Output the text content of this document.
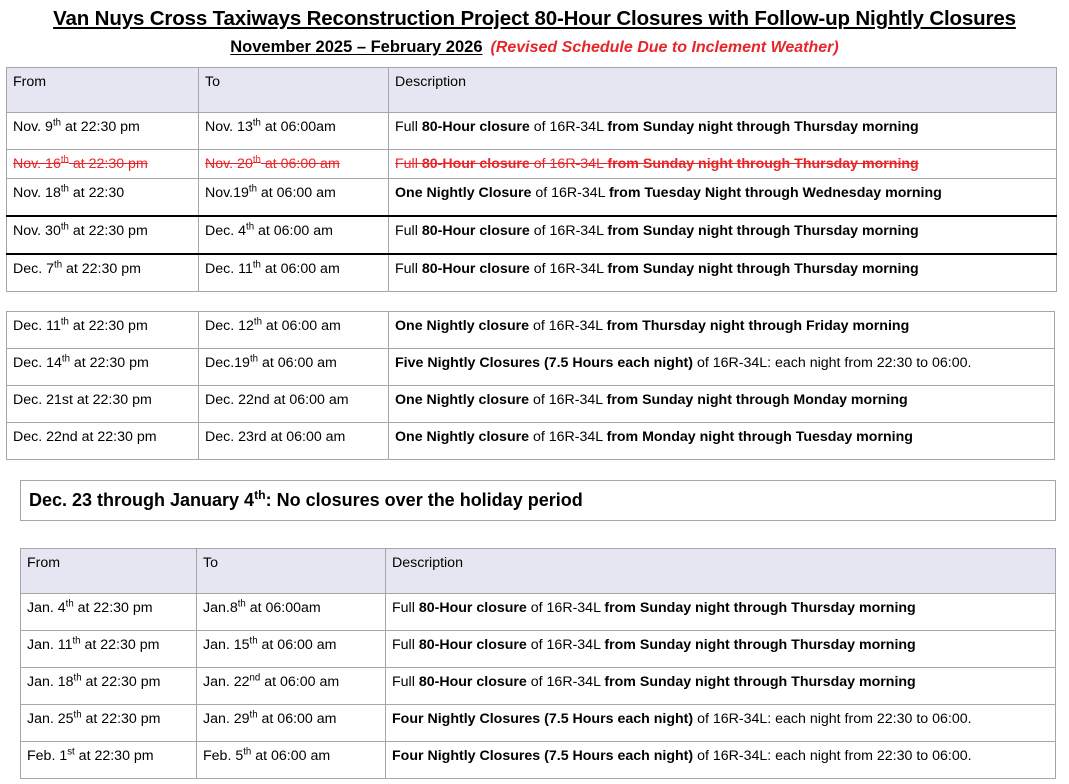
Van Nuys Cross Taxiways Reconstruction Project 80-Hour Closures with Follow-up Nightly Closures
November 2025 – February 2026 (Revised Schedule Due to Inclement Weather)
From	To	Description
Nov. 9th at 22:30 pm	Nov. 13th at 06:00am	Full 80-Hour closure of 16R-34L from Sunday night through Thursday morning
Nov. 16th at 22:30 pm	Nov. 20th at 06:00 am	Full 80-Hour closure of 16R-34L from Sunday night through Thursday morning
Nov. 18th at 22:30	Nov.19th at 06:00 am	One Nightly Closure of 16R-34L from Tuesday Night through Wednesday morning
Nov. 30th at 22:30 pm	Dec. 4th at 06:00 am	Full 80-Hour closure of 16R-34L from Sunday night through Thursday morning
Dec. 7th at 22:30 pm	Dec. 11th at 06:00 am	Full 80-Hour closure of 16R-34L from Sunday night through Thursday morning
Dec. 11th at 22:30 pm	Dec. 12th at 06:00 am	One Nightly closure of 16R-34L from Thursday night through Friday morning
Dec. 14th at 22:30 pm	Dec.19th at 06:00 am	Five Nightly Closures (7.5 Hours each night) of 16R-34L: each night from 22:30 to 06:00.
Dec. 21st at 22:30 pm	Dec. 22nd at 06:00 am	One Nightly closure of 16R-34L from Sunday night through Monday morning
Dec. 22nd at 22:30 pm	Dec. 23rd at 06:00 am	One Nightly closure of 16R-34L from Monday night through Tuesday morning
Dec. 23 through January 4th: No closures over the holiday period
From	To	Description
Jan. 4th at 22:30 pm	Jan.8th at 06:00am	Full 80-Hour closure of 16R-34L from Sunday night through Thursday morning
Jan. 11th at 22:30 pm	Jan. 15th at 06:00 am	Full 80-Hour closure of 16R-34L from Sunday night through Thursday morning
Jan. 18th at 22:30 pm	Jan. 22nd at 06:00 am	Full 80-Hour closure of 16R-34L from Sunday night through Thursday morning
Jan. 25th at 22:30 pm	Jan. 29th at 06:00 am	Four Nightly Closures (7.5 Hours each night) of 16R-34L: each night from 22:30 to 06:00.
Feb. 1st at 22:30 pm	Feb. 5th at 06:00 am	Four Nightly Closures (7.5 Hours each night) of 16R-34L: each night from 22:30 to 06:00.
